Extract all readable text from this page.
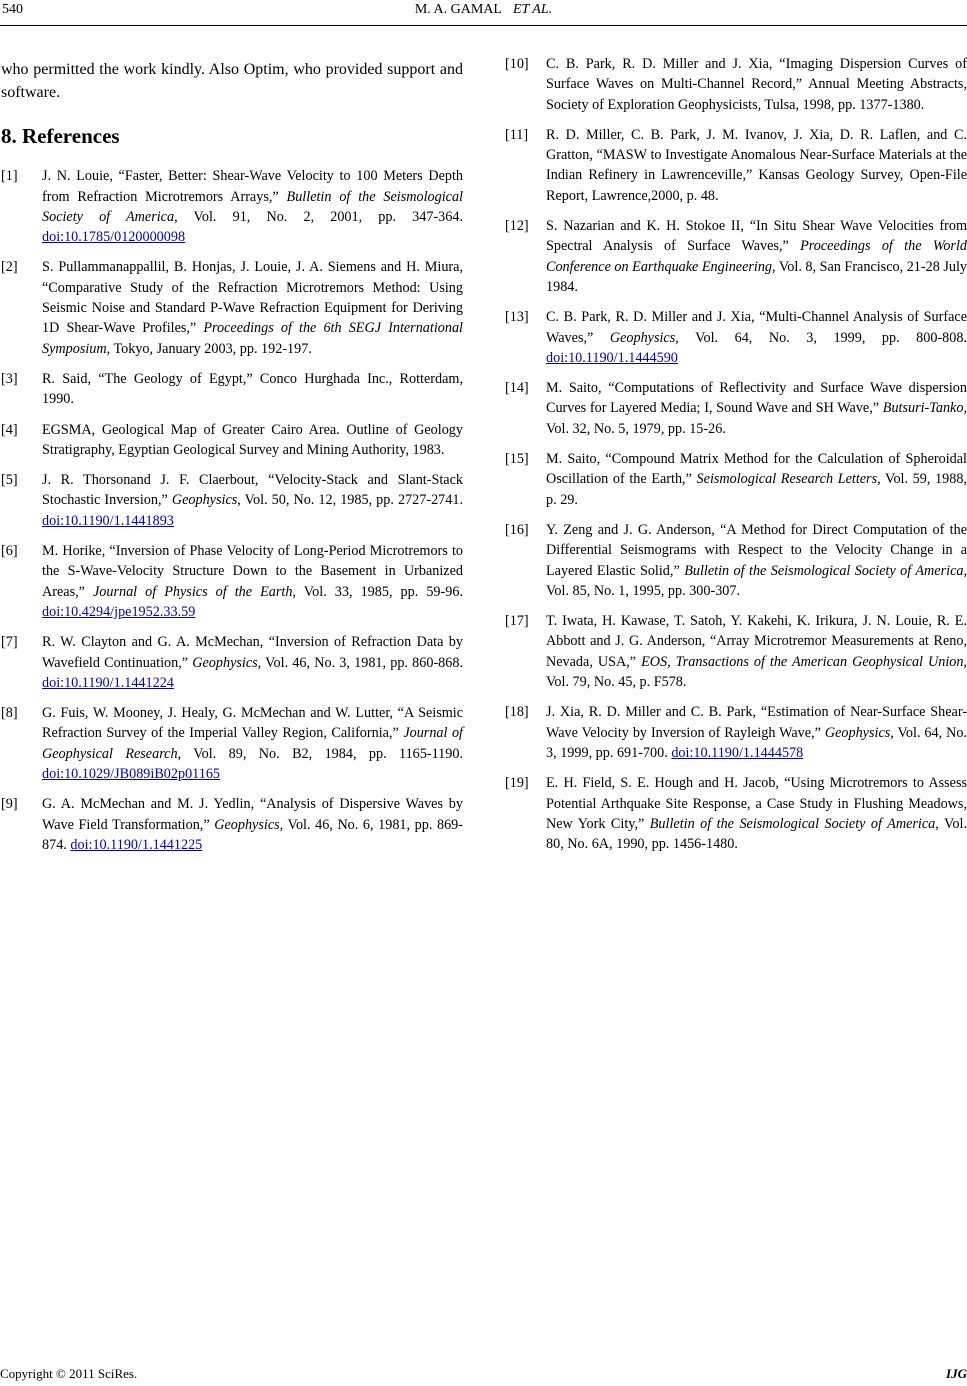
540	M. A. GAMAL ET AL.

who permitted the work kindly. Also Optim, who provided support and software.

8. References
[1]	J. N. Louie, “Faster, Better: Shear-Wave Velocity to 100 Meters Depth from Refraction Microtremors Arrays,” Bulletin of the Seismological Society of America, Vol. 91, No. 2, 2001, pp. 347-364. doi:10.1785/0120000098
[2]	S. Pullammanappallil, B. Honjas, J. Louie, J. A. Siemens and H. Miura, “Comparative Study of the Refraction Microtremors Method: Using Seismic Noise and Standard P-Wave Refraction Equipment for Deriving 1D Shear-Wave Profiles,” Proceedings of the 6th SEGJ International Symposium, Tokyo, January 2003, pp. 192-197.
[3]	R. Said, “The Geology of Egypt,” Conco Hurghada Inc., Rotterdam, 1990.
[4]	EGSMA, Geological Map of Greater Cairo Area. Outline of Geology Stratigraphy, Egyptian Geological Survey and Mining Authority, 1983.
[5]	J. R. Thorsonand J. F. Claerbout, “Velocity-Stack and Slant-Stack Stochastic Inversion,” Geophysics, Vol. 50, No. 12, 1985, pp. 2727-2741. doi:10.1190/1.1441893
[6]	M. Horike, “Inversion of Phase Velocity of Long-Period Microtremors to the S-Wave-Velocity Structure Down to the Basement in Urbanized Areas,” Journal of Physics of the Earth, Vol. 33, 1985, pp. 59-96. doi:10.4294/jpe1952.33.59
[7]	R. W. Clayton and G. A. McMechan, “Inversion of Refraction Data by Wavefield Continuation,” Geophysics, Vol. 46, No. 3, 1981, pp. 860-868. doi:10.1190/1.1441224
[8]	G. Fuis, W. Mooney, J. Healy, G. McMechan and W. Lutter, “A Seismic Refraction Survey of the Imperial Valley Region, California,” Journal of Geophysical Research, Vol. 89, No. B2, 1984, pp. 1165-1190. doi:10.1029/JB089iB02p01165
[9]	G. A. McMechan and M. J. Yedlin, “Analysis of Dispersive Waves by Wave Field Transformation,” Geophysics, Vol. 46, No. 6, 1981, pp. 869-874. doi:10.1190/1.1441225
[10]	C. B. Park, R. D. Miller and J. Xia, “Imaging Dispersion Curves of Surface Waves on Multi-Channel Record,” Annual Meeting Abstracts, Society of Exploration Geophysicists, Tulsa, 1998, pp. 1377-1380.
[11]	R. D. Miller, C. B. Park, J. M. Ivanov, J. Xia, D. R. Laflen, and C. Gratton, “MASW to Investigate Anomalous Near-Surface Materials at the Indian Refinery in Lawrenceville,” Kansas Geology Survey, Open-File Report, Lawrence,2000, p. 48.
[12]	S. Nazarian and K. H. Stokoe II, “In Situ Shear Wave Velocities from Spectral Analysis of Surface Waves,” Proceedings of the World Conference on Earthquake Engineering, Vol. 8, San Francisco, 21-28 July 1984.
[13]	C. B. Park, R. D. Miller and J. Xia, “Multi-Channel Analysis of Surface Waves,” Geophysics, Vol. 64, No. 3, 1999, pp. 800-808. doi:10.1190/1.1444590
[14]	M. Saito, “Computations of Reflectivity and Surface Wave dispersion Curves for Layered Media; I, Sound Wave and SH Wave,” Butsuri-Tanko, Vol. 32, No. 5, 1979, pp. 15-26.
[15]	M. Saito, “Compound Matrix Method for the Calculation of Spheroidal Oscillation of the Earth,” Seismological Research Letters, Vol. 59, 1988, p. 29.
[16]	Y. Zeng and J. G. Anderson, “A Method for Direct Computation of the Differential Seismograms with Respect to the Velocity Change in a Layered Elastic Solid,” Bulletin of the Seismological Society of America, Vol. 85, No. 1, 1995, pp. 300-307.
[17]	T. Iwata, H. Kawase, T. Satoh, Y. Kakehi, K. Irikura, J. N. Louie, R. E. Abbott and J. G. Anderson, “Array Microtremor Measurements at Reno, Nevada, USA,” EOS, Transactions of the American Geophysical Union, Vol. 79, No. 45, p. F578.
[18]	J. Xia, R. D. Miller and C. B. Park, “Estimation of Near-Surface Shear-Wave Velocity by Inversion of Rayleigh Wave,” Geophysics, Vol. 64, No. 3, 1999, pp. 691-700. doi:10.1190/1.1444578
[19]	E. H. Field, S. E. Hough and H. Jacob, “Using Microtremors to Assess Potential Arthquake Site Response, a Case Study in Flushing Meadows, New York City,” Bulletin of the Seismological Society of America, Vol. 80, No. 6A, 1990, pp. 1456-1480.
Copyright © 2011 SciRes.	IJG
